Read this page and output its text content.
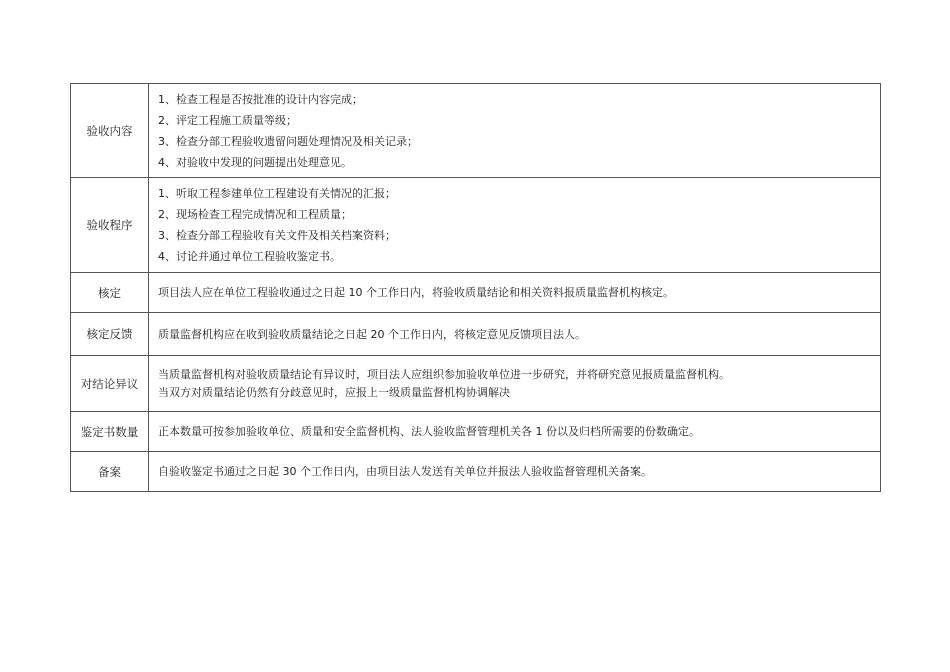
验收内容	1、检查工程是否按批准的设计内容完成；
2、评定工程施工质量等级；
3、检查分部工程验收遗留问题处理情况及相关记录；
4、对验收中发现的问题提出处理意见。

验收程序	1、听取工程参建单位工程建设有关情况的汇报；
2、现场检查工程完成情况和工程质量；
3、检查分部工程验收有关文件及相关档案资料；
4、讨论并通过单位工程验收鉴定书。

核定	项目法人应在单位工程验收通过之日起 10 个工作日内，将验收质量结论和相关资料报质量监督机构核定。

核定反馈	质量监督机构应在收到验收质量结论之日起 20 个工作日内，将核定意见反馈项目法人。

对结论异议	当质量监督机构对验收质量结论有异议时，项目法人应组织参加验收单位进一步研究，并将研究意见报质量监督机构。
当双方对质量结论仍然有分歧意见时，应报上一级质量监督机构协调解决

鉴定书数量	正本数量可按参加验收单位、质量和安全监督机构、法人验收监督管理机关各 1 份以及归档所需要的份数确定。

备案	自验收鉴定书通过之日起 30 个工作日内，由项目法人发送有关单位并报法人验收监督管理机关备案。
